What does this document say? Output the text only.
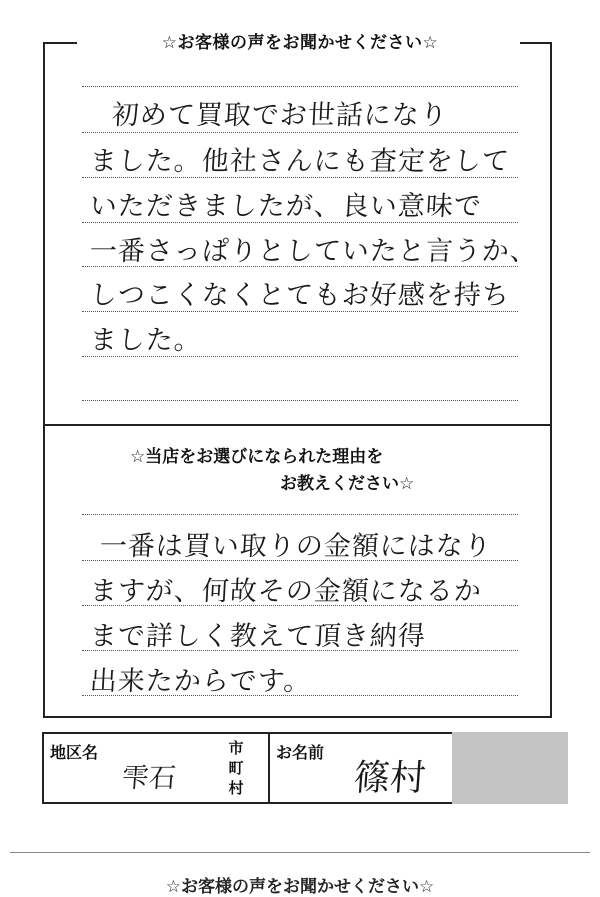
☆お客様の声をお聞かせください☆
初めて買取でお世話になり
ました。他社さんにも査定をして
いただきましたが、良い意味で
一番さっぱりとしていたと言うか、
しつこくなくとてもお好感を持ち
ました。
☆当店をお選びになられた理由を
お教えください☆
一番は買い取りの金額にはなり
ますが、何故その金額になるか
まで詳しく教えて頂き納得
出来たからです。
地区名
雫石
市
町
村
お名前
篠村
☆お客様の声をお聞かせください☆
